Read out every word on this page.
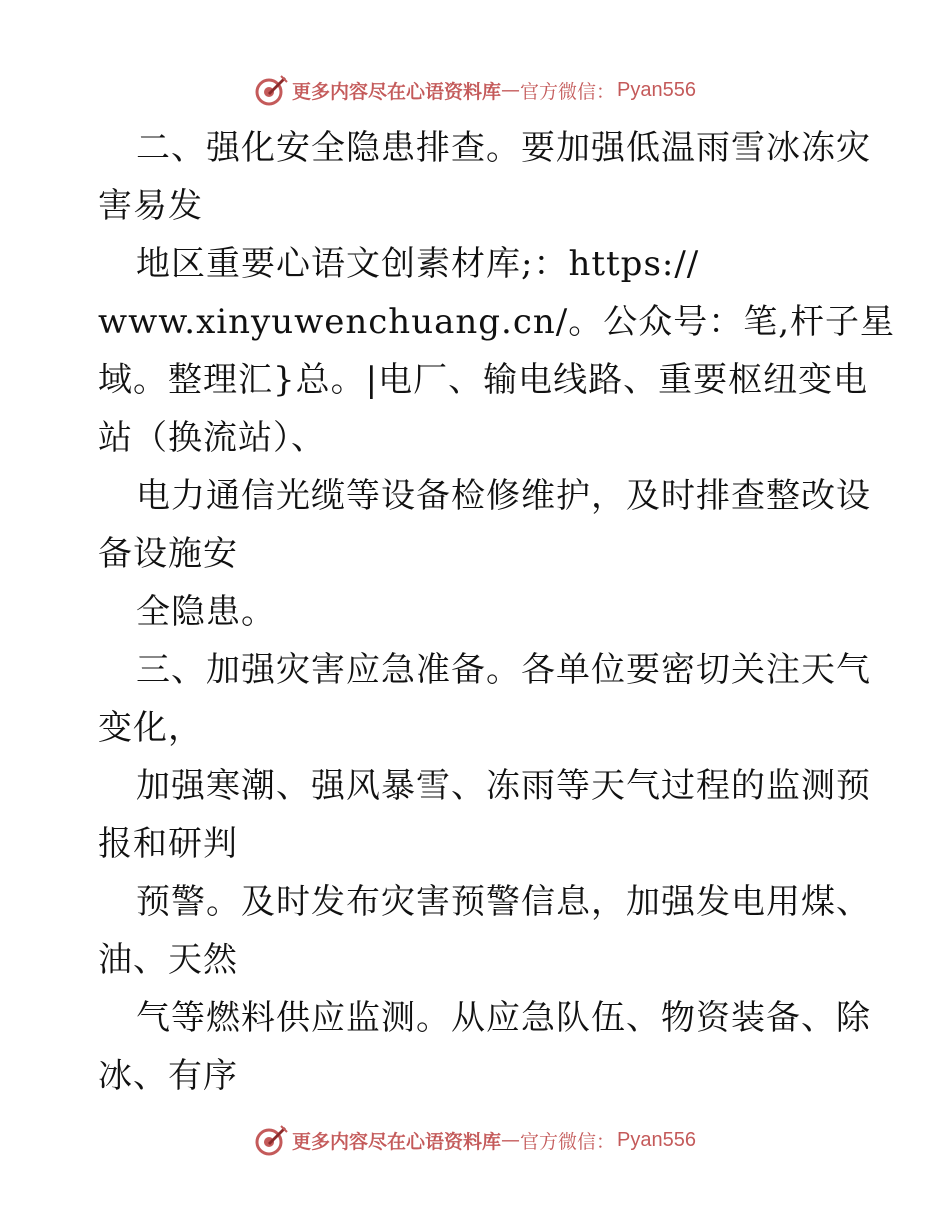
更多内容尽在心语资料库 — 官方微信： Pyan556
二、强化安全隐患排查。要加强低温雨雪冰冻灾
害易发
地区重要心语文创素材库;：https://
www.xinyuwenchuang.cn/。公众号：笔,杆子星
域。整理汇}总。|电厂、输电线路、重要枢纽变电
站（换流站）、
电力通信光缆等设备检修维护，及时排查整改设
备设施安
全隐患。
三、加强灾害应急准备。各单位要密切关注天气
变化，
加强寒潮、强风暴雪、冻雨等天气过程的监测预
报和研判
预警。及时发布灾害预警信息，加强发电用煤、
油、天然
气等燃料供应监测。从应急队伍、物资装备、除
冰、有序
更多内容尽在心语资料库 — 官方微信： Pyan556
